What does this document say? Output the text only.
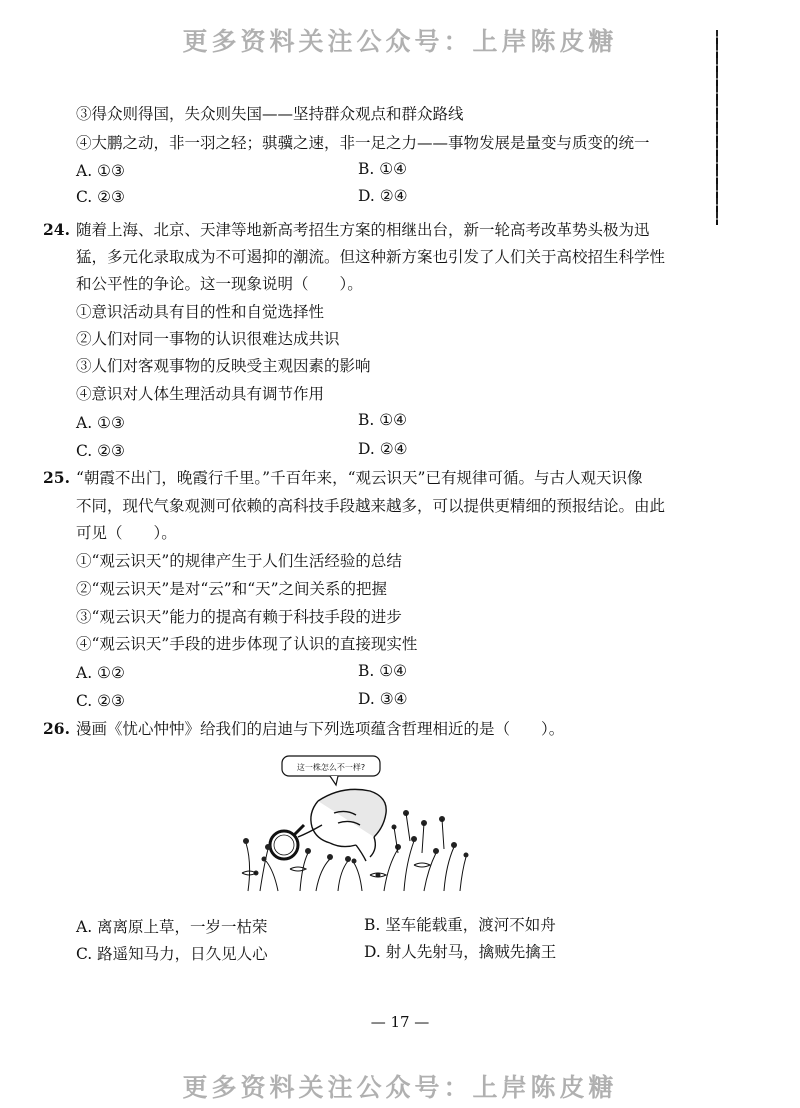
更多资料关注公众号：上岸陈皮糖
③得众则得国，失众则失国——坚持群众观点和群众路线
④大鹏之动，非一羽之轻；骐骥之速，非一足之力——事物发展是量变与质变的统一
A. ①③	B. ①④
C. ②③	D. ②④
24. 随着上海、北京、天津等地新高考招生方案的相继出台，新一轮高考改革势头极为迅
猛，多元化录取成为不可遏抑的潮流。但这种新方案也引发了人们关于高校招生科学性
和公平性的争论。这一现象说明（　　）。
①意识活动具有目的性和自觉选择性
②人们对同一事物的认识很难达成共识
③人们对客观事物的反映受主观因素的影响
④意识对人体生理活动具有调节作用
A. ①③	B. ①④
C. ②③	D. ②④
25. “朝霞不出门，晚霞行千里。”千百年来，“观云识天”已有规律可循。与古人观天识像
不同，现代气象观测可依赖的高科技手段越来越多，可以提供更精细的预报结论。由此
可见（　　）。
①“观云识天”的规律产生于人们生活经验的总结
②“观云识天”是对“云”和“天”之间关系的把握
③“观云识天”能力的提高有赖于科技手段的进步
④“观云识天”手段的进步体现了认识的直接现实性
A. ①②	B. ①④
C. ②③	D. ③④
26. 漫画《忧心忡忡》给我们的启迪与下列选项蕴含哲理相近的是（　　）。
这一株怎么不一样?
A. 离离原上草，一岁一枯荣	B. 坚车能载重，渡河不如舟
C. 路遥知马力，日久见人心	D. 射人先射马，擒贼先擒王
— 17 —
更多资料关注公众号：上岸陈皮糖
